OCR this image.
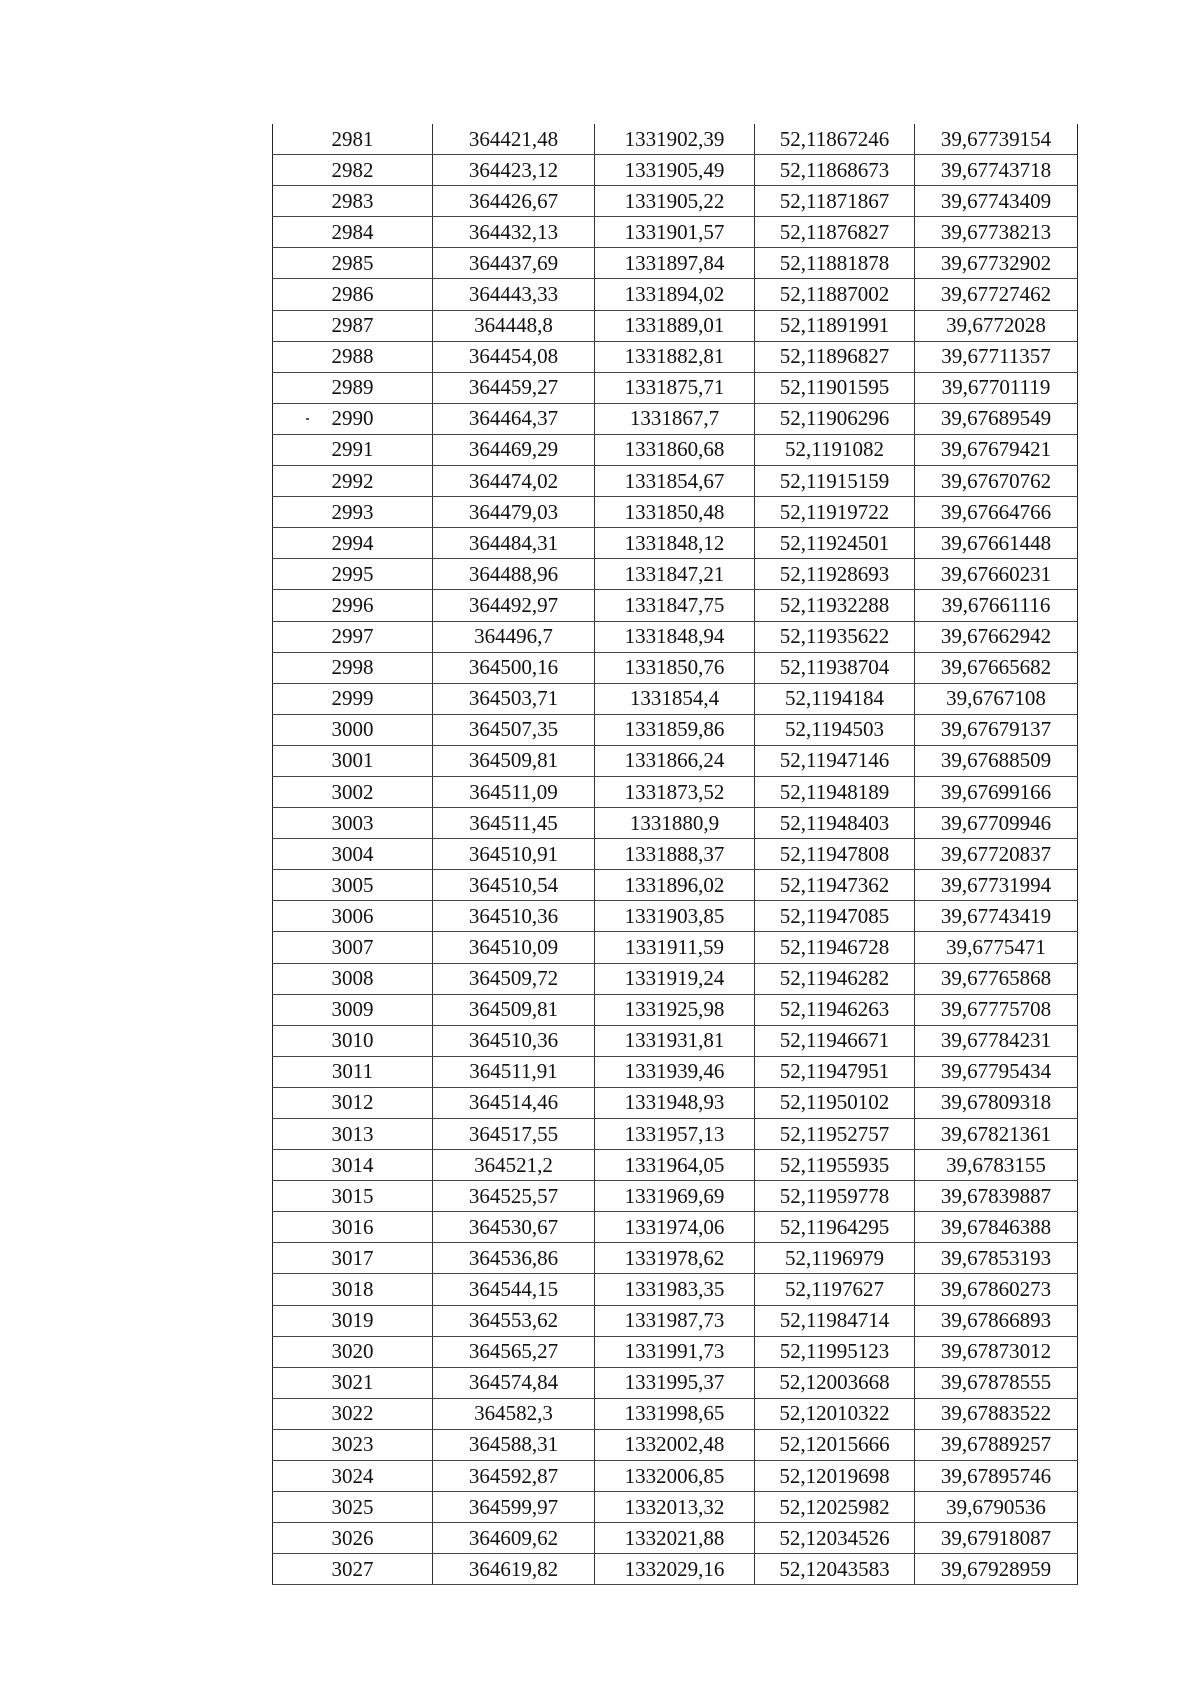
2981	364421,48	1331902,39	52,11867246	39,67739154
2982	364423,12	1331905,49	52,11868673	39,67743718
2983	364426,67	1331905,22	52,11871867	39,67743409
2984	364432,13	1331901,57	52,11876827	39,67738213
2985	364437,69	1331897,84	52,11881878	39,67732902
2986	364443,33	1331894,02	52,11887002	39,67727462
2987	364448,8	1331889,01	52,11891991	39,6772028
2988	364454,08	1331882,81	52,11896827	39,67711357
2989	364459,27	1331875,71	52,11901595	39,67701119
2990	364464,37	1331867,7	52,11906296	39,67689549
2991	364469,29	1331860,68	52,1191082	39,67679421
2992	364474,02	1331854,67	52,11915159	39,67670762
2993	364479,03	1331850,48	52,11919722	39,67664766
2994	364484,31	1331848,12	52,11924501	39,67661448
2995	364488,96	1331847,21	52,11928693	39,67660231
2996	364492,97	1331847,75	52,11932288	39,67661116
2997	364496,7	1331848,94	52,11935622	39,67662942
2998	364500,16	1331850,76	52,11938704	39,67665682
2999	364503,71	1331854,4	52,1194184	39,6767108
3000	364507,35	1331859,86	52,1194503	39,67679137
3001	364509,81	1331866,24	52,11947146	39,67688509
3002	364511,09	1331873,52	52,11948189	39,67699166
3003	364511,45	1331880,9	52,11948403	39,67709946
3004	364510,91	1331888,37	52,11947808	39,67720837
3005	364510,54	1331896,02	52,11947362	39,67731994
3006	364510,36	1331903,85	52,11947085	39,67743419
3007	364510,09	1331911,59	52,11946728	39,6775471
3008	364509,72	1331919,24	52,11946282	39,67765868
3009	364509,81	1331925,98	52,11946263	39,67775708
3010	364510,36	1331931,81	52,11946671	39,67784231
3011	364511,91	1331939,46	52,11947951	39,67795434
3012	364514,46	1331948,93	52,11950102	39,67809318
3013	364517,55	1331957,13	52,11952757	39,67821361
3014	364521,2	1331964,05	52,11955935	39,6783155
3015	364525,57	1331969,69	52,11959778	39,67839887
3016	364530,67	1331974,06	52,11964295	39,67846388
3017	364536,86	1331978,62	52,1196979	39,67853193
3018	364544,15	1331983,35	52,1197627	39,67860273
3019	364553,62	1331987,73	52,11984714	39,67866893
3020	364565,27	1331991,73	52,11995123	39,67873012
3021	364574,84	1331995,37	52,12003668	39,67878555
3022	364582,3	1331998,65	52,12010322	39,67883522
3023	364588,31	1332002,48	52,12015666	39,67889257
3024	364592,87	1332006,85	52,12019698	39,67895746
3025	364599,97	1332013,32	52,12025982	39,6790536
3026	364609,62	1332021,88	52,12034526	39,67918087
3027	364619,82	1332029,16	52,12043583	39,67928959
